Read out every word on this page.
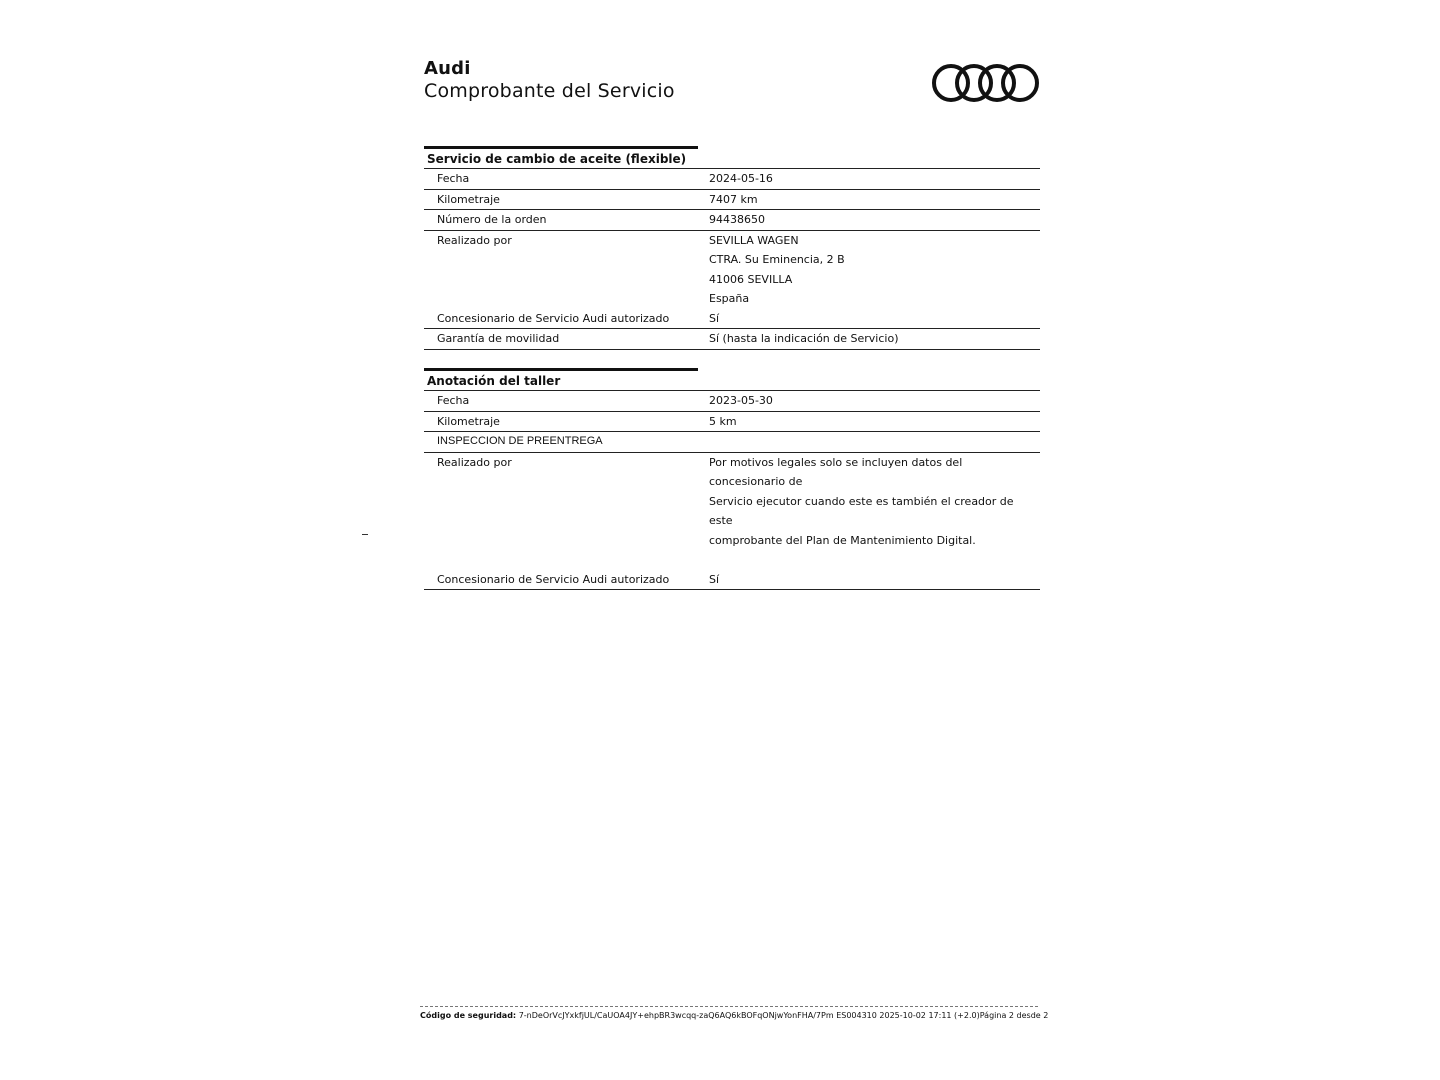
Audi
Comprobante del Servicio
Servicio de cambio de aceite (flexible)
Fecha	2024-05-16
Kilometraje	7407 km
Número de la orden	94438650
Realizado por	SEVILLA WAGEN
CTRA. Su Eminencia, 2 B
41006 SEVILLA
España
Concesionario de Servicio Audi autorizado	Sí
Garantía de movilidad	Sí (hasta la indicación de Servicio)
Anotación del taller
Fecha	2023-05-30
Kilometraje	5 km
INSPECCION DE PREENTREGA
Realizado por	Por motivos legales solo se incluyen datos del concesionario de
Servicio ejecutor cuando este es también el creador de este
comprobante del Plan de Mantenimiento Digital.
Concesionario de Servicio Audi autorizado	Sí
Código de seguridad: 7-nDeOrVcJYxkfjUL/CaUOA4JY+ehpBR3wcqq-zaQ6AQ6kBOFqONjwYonFHA/7Pm ES004310 2025-10-02 17:11 (+2.0) Página 2 desde 2
